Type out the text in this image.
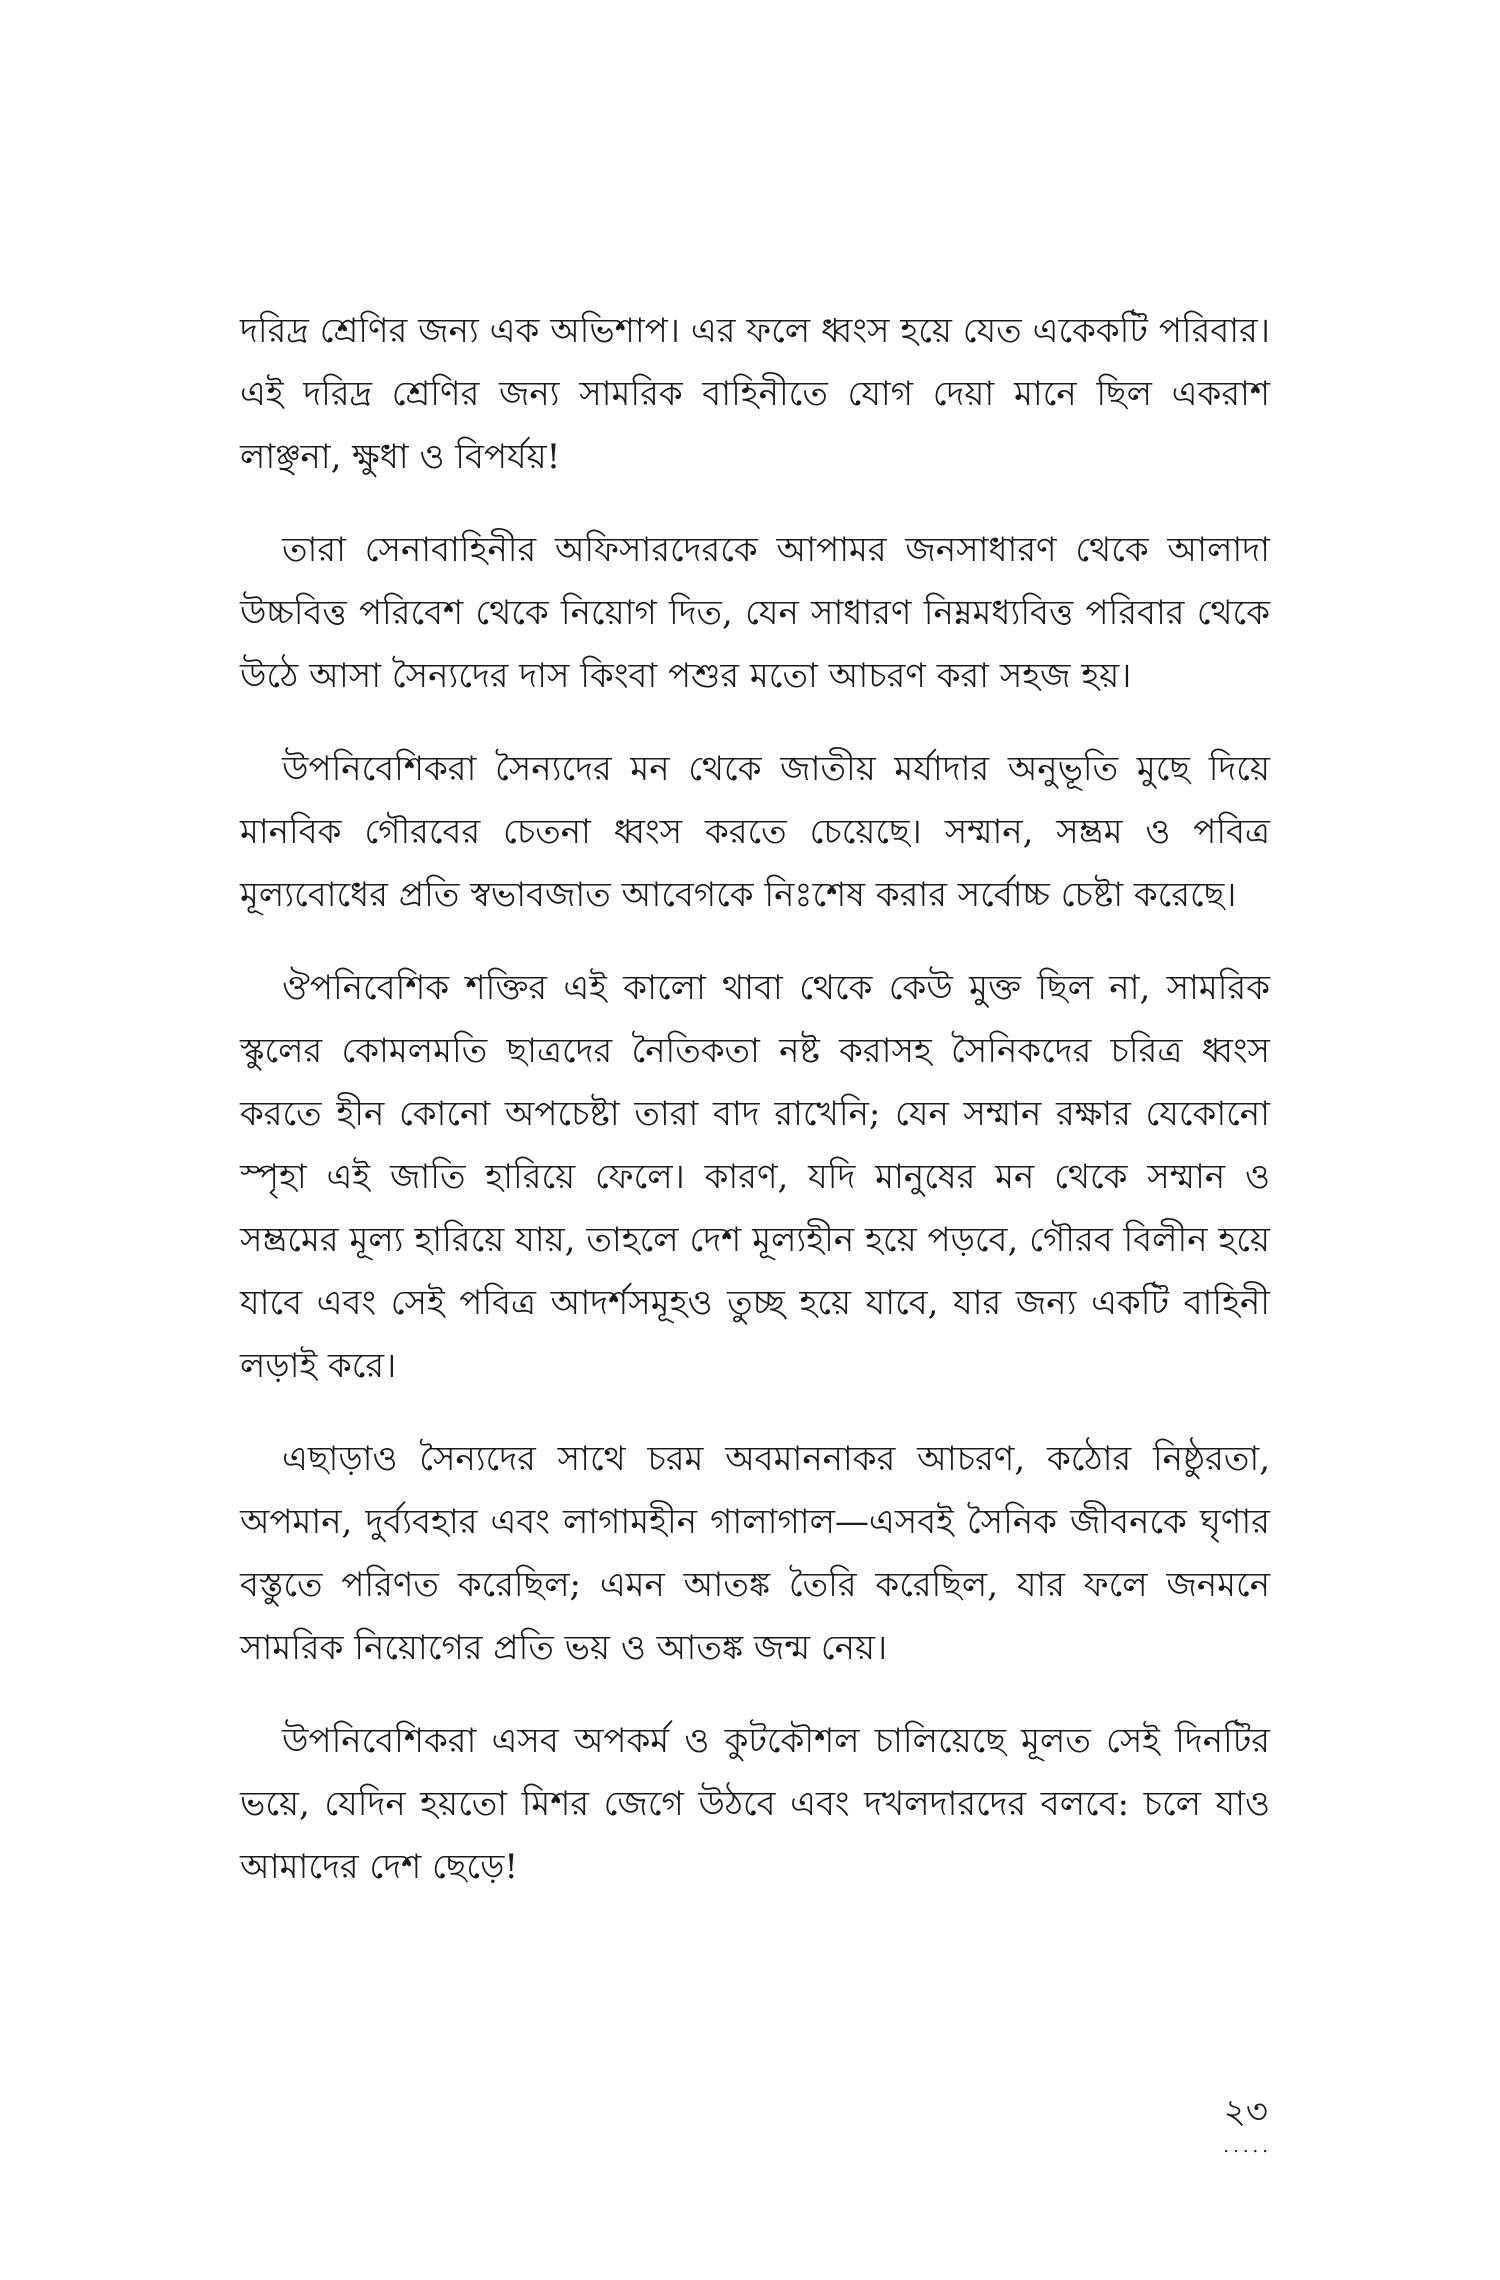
দরিদ্র শ্রেণির জন্য এক অভিশাপ। এর ফলে ধ্বংস হয়ে যেত একেকটি পরিবার। এই দরিদ্র শ্রেণির জন্য সামরিক বাহিনীতে যোগ দেয়া মানে ছিল একরাশ লাঞ্ছনা, ক্ষুধা ও বিপর্যয়!

তারা সেনাবাহিনীর অফিসারদেরকে আপামর জনসাধারণ থেকে আলাদা উচ্চবিত্ত পরিবেশ থেকে নিয়োগ দিত, যেন সাধারণ নিম্নমধ্যবিত্ত পরিবার থেকে উঠে আসা সৈন্যদের দাস কিংবা পশুর মতো আচরণ করা সহজ হয়।

উপনিবেশিকরা সৈন্যদের মন থেকে জাতীয় মর্যাদার অনুভূতি মুছে দিয়ে মানবিক গৌরবের চেতনা ধ্বংস করতে চেয়েছে। সম্মান, সম্ভ্রম ও পবিত্র মূল্যবোধের প্রতি স্বভাবজাত আবেগকে নিঃশেষ করার সর্বোচ্চ চেষ্টা করেছে।

ঔপনিবেশিক শক্তির এই কালো থাবা থেকে কেউ মুক্ত ছিল না, সামরিক স্কুলের কোমলমতি ছাত্রদের নৈতিকতা নষ্ট করাসহ সৈনিকদের চরিত্র ধ্বংস করতে হীন কোনো অপচেষ্টা তারা বাদ রাখেনি; যেন সম্মান রক্ষার যেকোনো স্পৃহা এই জাতি হারিয়ে ফেলে। কারণ, যদি মানুষের মন থেকে সম্মান ও সম্ভ্রমের মূল্য হারিয়ে যায়, তাহলে দেশ মূল্যহীন হয়ে পড়বে, গৌরব বিলীন হয়ে যাবে এবং সেই পবিত্র আদর্শসমূহও তুচ্ছ হয়ে যাবে, যার জন্য একটি বাহিনী লড়াই করে।

এছাড়াও সৈন্যদের সাথে চরম অবমাননাকর আচরণ, কঠোর নিষ্ঠুরতা, অপমান, দুর্ব্যবহার এবং লাগামহীন গালাগাল—এসবই সৈনিক জীবনকে ঘৃণার বস্তুতে পরিণত করেছিল; এমন আতঙ্ক তৈরি করেছিল, যার ফলে জনমনে সামরিক নিয়োগের প্রতি ভয় ও আতঙ্ক জন্ম নেয়।

উপনিবেশিকরা এসব অপকর্ম ও কুটকৌশল চালিয়েছে মূলত সেই দিনটির ভয়ে, যেদিন হয়তো মিশর জেগে উঠবে এবং দখলদারদের বলবে: চলে যাও আমাদের দেশ ছেড়ে!

২৩
.....
